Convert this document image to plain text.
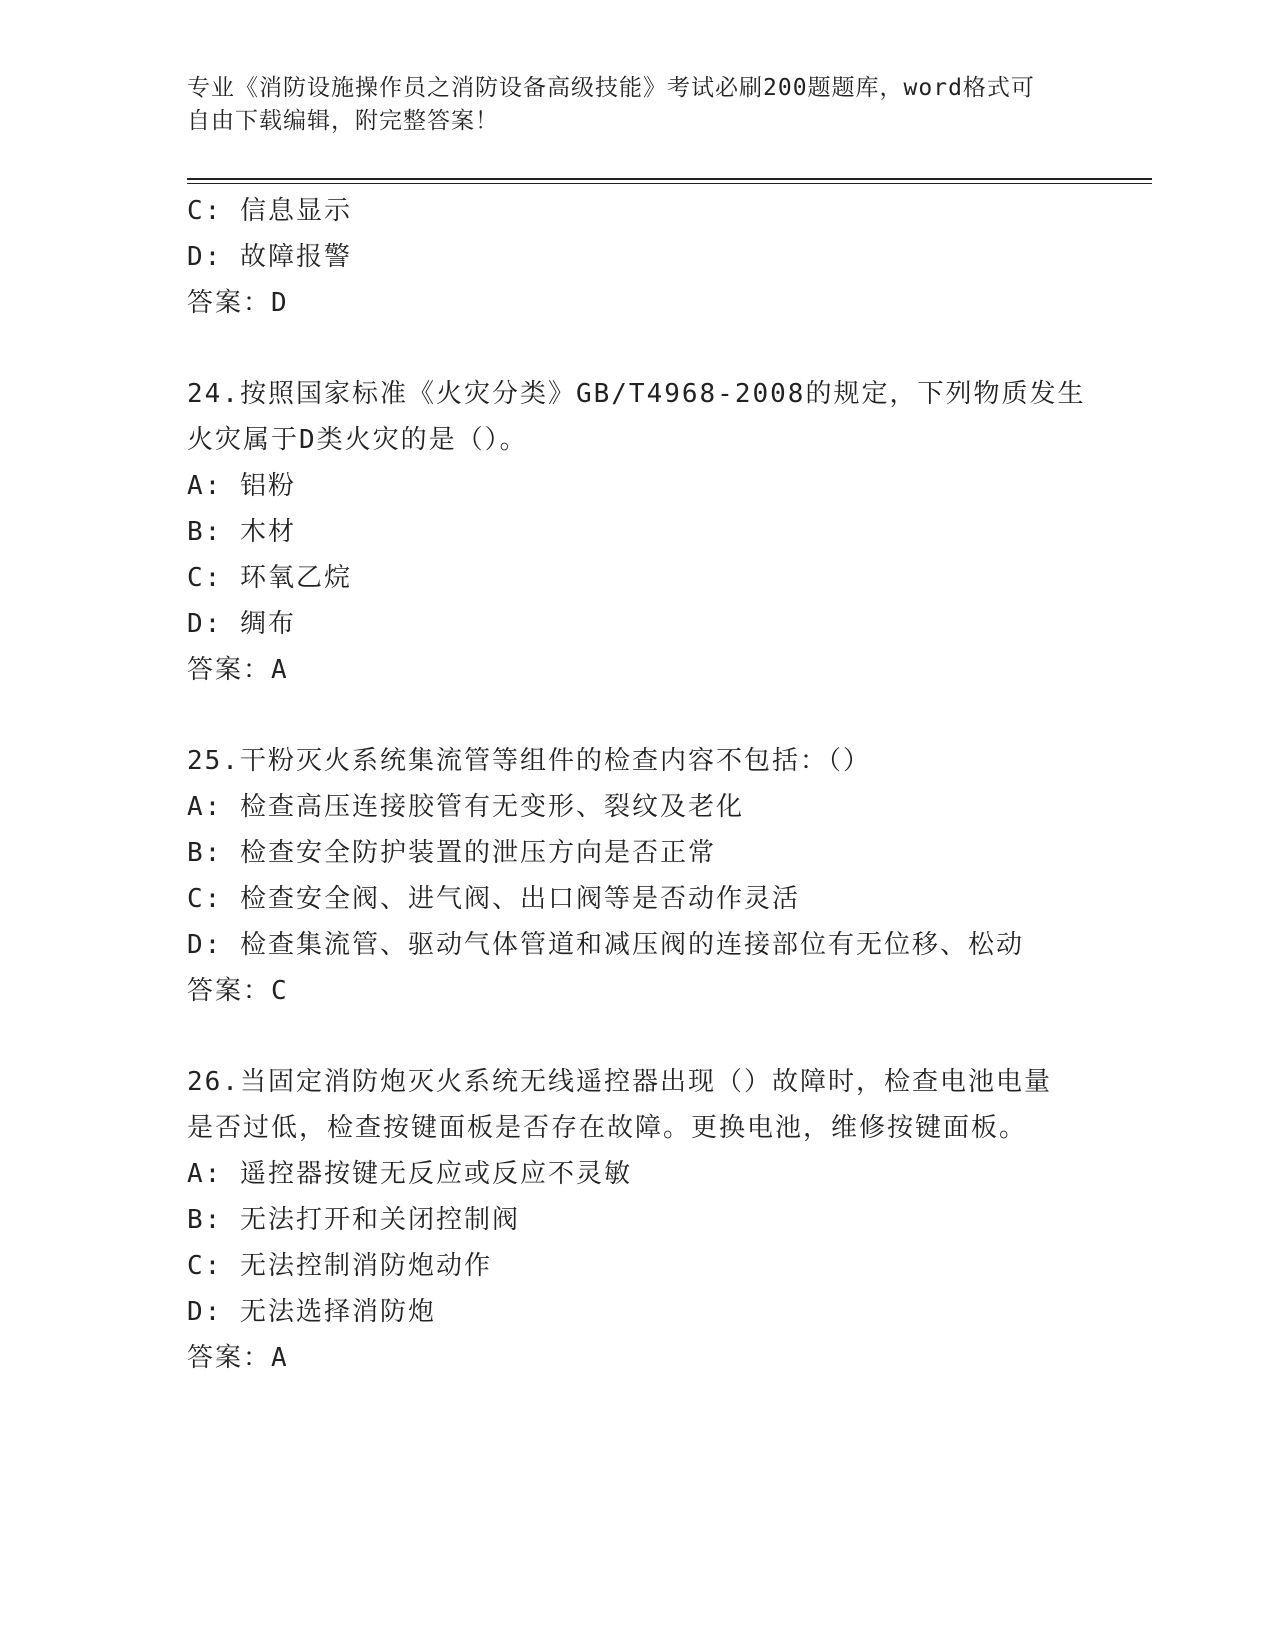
专业《消防设施操作员之消防设备高级技能》考试必刷200题题库，word格式可
自由下载编辑，附完整答案！
C: 信息显示
D: 故障报警
答案：D
24.按照国家标准《火灾分类》GB/T4968-2008的规定，下列物质发生
火灾属于D类火灾的是（）。
A: 铝粉
B: 木材
C: 环氧乙烷
D: 绸布
答案：A
25.干粉灭火系统集流管等组件的检查内容不包括：（）
A: 检查高压连接胶管有无变形、裂纹及老化
B: 检查安全防护装置的泄压方向是否正常
C: 检查安全阀、进气阀、出口阀等是否动作灵活
D: 检查集流管、驱动气体管道和减压阀的连接部位有无位移、松动
答案：C
26.当固定消防炮灭火系统无线遥控器出现（）故障时，检查电池电量
是否过低，检查按键面板是否存在故障。更换电池，维修按键面板。
A: 遥控器按键无反应或反应不灵敏
B: 无法打开和关闭控制阀
C: 无法控制消防炮动作
D: 无法选择消防炮
答案：A
